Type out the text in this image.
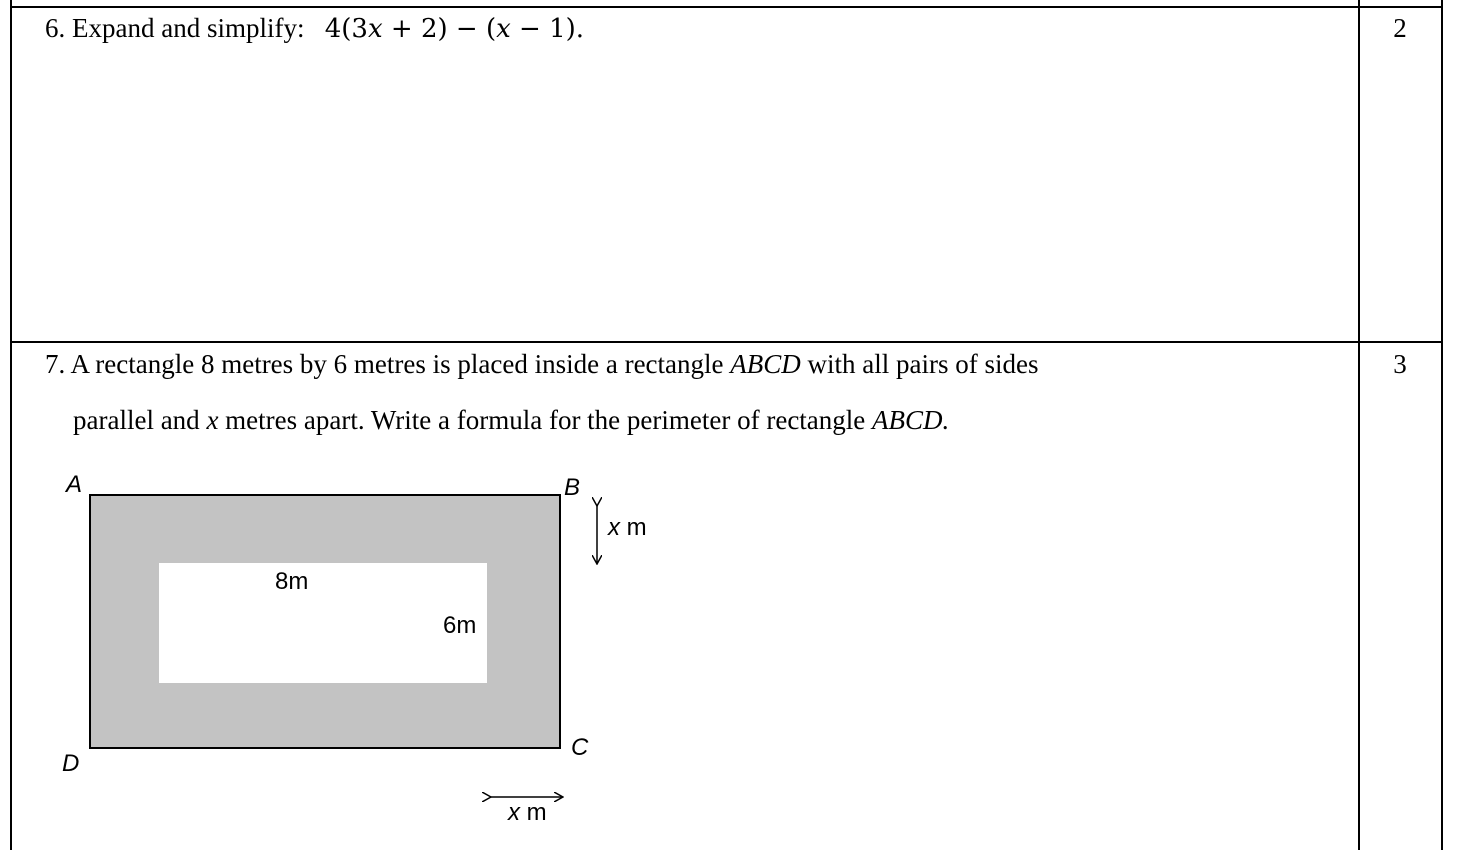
6. Expand and simplify: 4(3x + 2) − (x − 1).	2
7. A rectangle 8 metres by 6 metres is placed inside a rectangle ABCD with all pairs of sides
parallel and x metres apart. Write a formula for the perimeter of rectangle ABCD.
3
A	B
C
D
8m
6m
x m
x m
